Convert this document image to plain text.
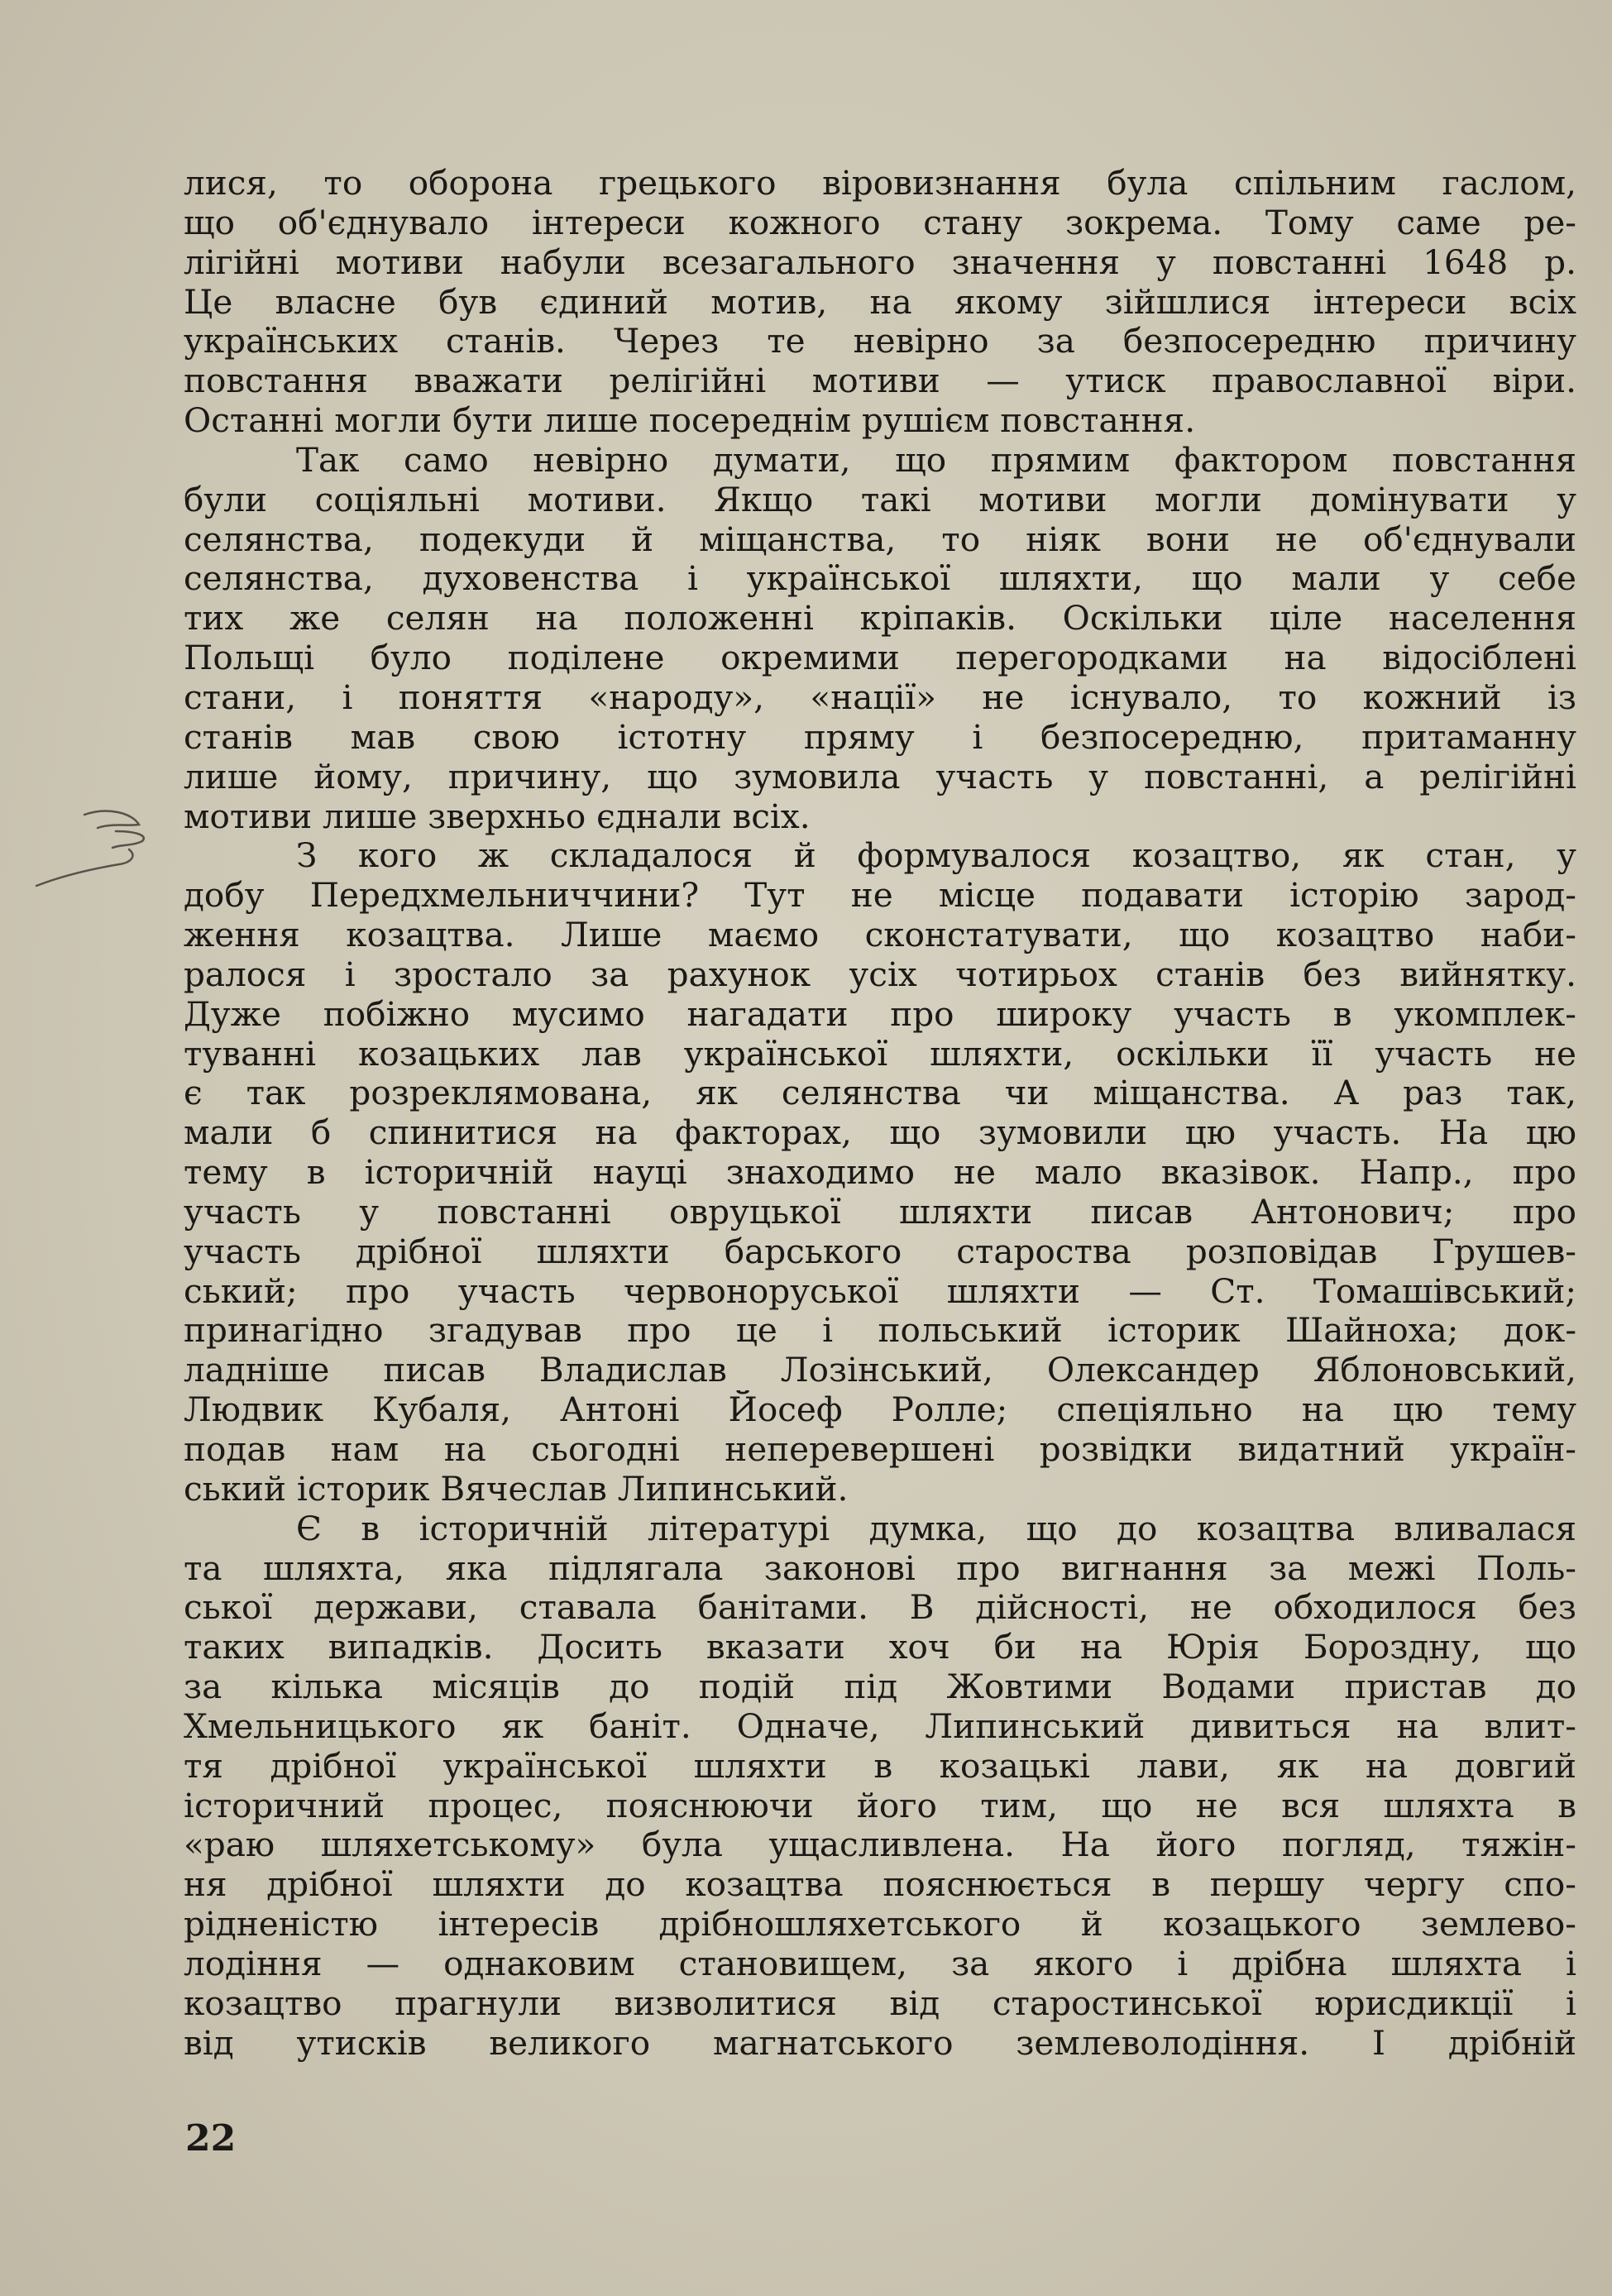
лися, то оборона грецького віровизнання була спільним гаслом,
що об'єднувало інтереси кожного стану зокрема. Тому саме ре-
лігійні мотиви набули всезагального значення у повстанні 1648 р.
Це власне був єдиний мотив, на якому зійшлися інтереси всіх
українських станів. Через те невірно за безпосередню причину
повстання вважати релігійні мотиви — утиск православної віри.
Останні могли бути лише посереднім рушієм повстання.
Так само невірно думати, що прямим фактором повстання
були соціяльні мотиви. Якщо такі мотиви могли домінувати у
селянства, подекуди й міщанства, то ніяк вони не об'єднували
селянства, духовенства і української шляхти, що мали у себе
тих же селян на положенні кріпаків. Оскільки ціле населення
Польщі було поділене окремими перегородками на відосіблені
стани, і поняття «народу», «нації» не існувало, то кожний із
станів мав свою істотну пряму і безпосередню, притаманну
лише йому, причину, що зумовила участь у повстанні, а релігійні
мотиви лише зверхньо єднали всіх.
З кого ж складалося й формувалося козацтво, як стан, у
добу Передхмельниччини? Тут не місце подавати історію зарод-
ження козацтва. Лише маємо сконстатувати, що козацтво наби-
ралося і зростало за рахунок усіх чотирьох станів без вийнятку.
Дуже побіжно мусимо нагадати про широку участь в укомплек-
туванні козацьких лав української шляхти, оскільки її участь не
є так розреклямована, як селянства чи міщанства. А раз так,
мали б спинитися на факторах, що зумовили цю участь. На цю
тему в історичній науці знаходимо не мало вказівок. Напр., про
участь у повстанні овруцької шляхти писав Антонович; про
участь дрібної шляхти барського староства розповідав Грушев-
ський; про участь червоноруської шляхти — Ст. Томашівський;
принагідно згадував про це і польський історик Шайноха; док-
ладніше писав Владислав Лозінський, Олександер Яблоновський,
Людвик Кубаля, Антоні Йосеф Ролле; спеціяльно на цю тему
подав нам на сьогодні неперевершені розвідки видатний україн-
ський історик Вячеслав Липинський.
Є в історичній літературі думка, що до козацтва вливалася
та шляхта, яка підлягала законові про вигнання за межі Поль-
ської держави, ставала банітами. В дійсності, не обходилося без
таких випадків. Досить вказати хоч би на Юрія Бороздну, що
за кілька місяців до подій під Жовтими Водами пристав до
Хмельницького як баніт. Одначе, Липинський дивиться на влит-
тя дрібної української шляхти в козацькі лави, як на довгий
історичний процес, пояснюючи його тим, що не вся шляхта в
«раю шляхетському» була ущасливлена. На його погляд, тяжін-
ня дрібної шляхти до козацтва пояснюється в першу чергу спо-
рідненістю інтересів дрібношляхетського й козацького землево-
лодіння — однаковим становищем, за якого і дрібна шляхта і
козацтво прагнули визволитися від старостинської юрисдикції і
від утисків великого магнатського землеволодіння. І дрібній
22
